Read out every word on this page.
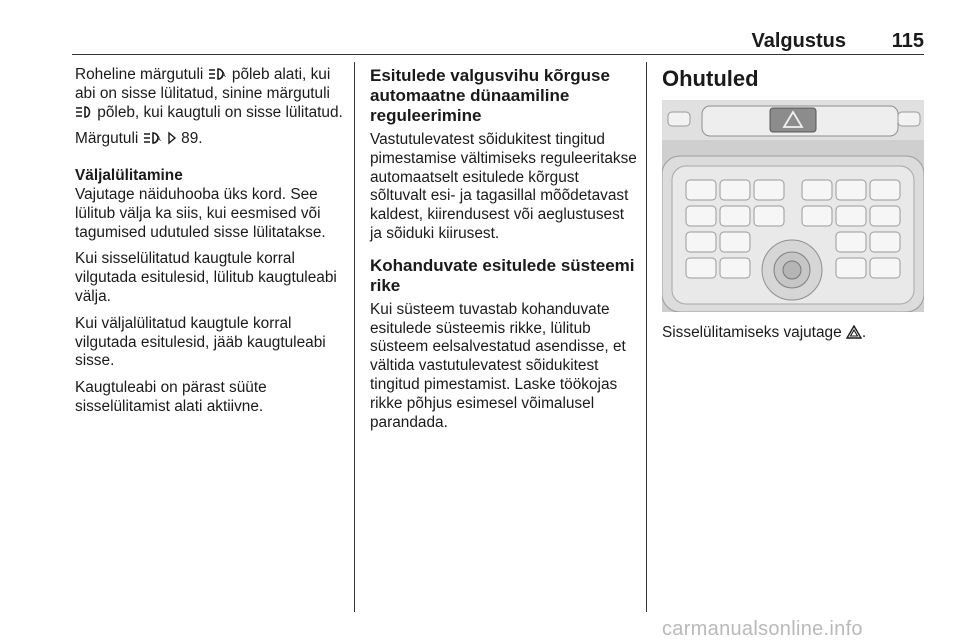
Valgustus 115

Roheline märgutuli A põleb alati, kui abi on sisse lülitatud, sinine märgutuli  põleb, kui kaugtuli on sisse lülitatud.

Märgutuli A 89.

Väljalülitamine

Vajutage näiduhooba üks kord. See lülitub välja ka siis, kui eesmised või tagumised udutuled sisse lülitatakse.

Kui sisselülitatud kaugtule korral vilgutada esitulesid, lülitub kaugtuleabi välja.

Kui väljalülitatud kaugtule korral vilgutada esitulesid, jääb kaugtuleabi sisse.

Kaugtuleabi on pärast süüte sisselülitamist alati aktiivne.

Esitulede valgusvihu kõrguse automaatne dünaamiline reguleerimine

Vastutulevatest sõidukitest tingitud pimestamise vältimiseks reguleeritakse automaatselt esitulede kõrgust sõltuvalt esi- ja tagasillal mõõdetavast kaldest, kiirendusest või aeglustusest ja sõiduki kiirusest.

Kohanduvate esitulede süsteemi rike

Kui süsteem tuvastab kohanduvate esitulede süsteemis rikke, lülitub süsteem eelsalvestatud asendisse, et vältida vastutulevatest sõidukitest tingitud pimestamist. Laske töökojas rikke põhjus esimesel võimalusel parandada.

Ohutuled
Sisselülitamiseks vajutage .
carmanualsonline.info
